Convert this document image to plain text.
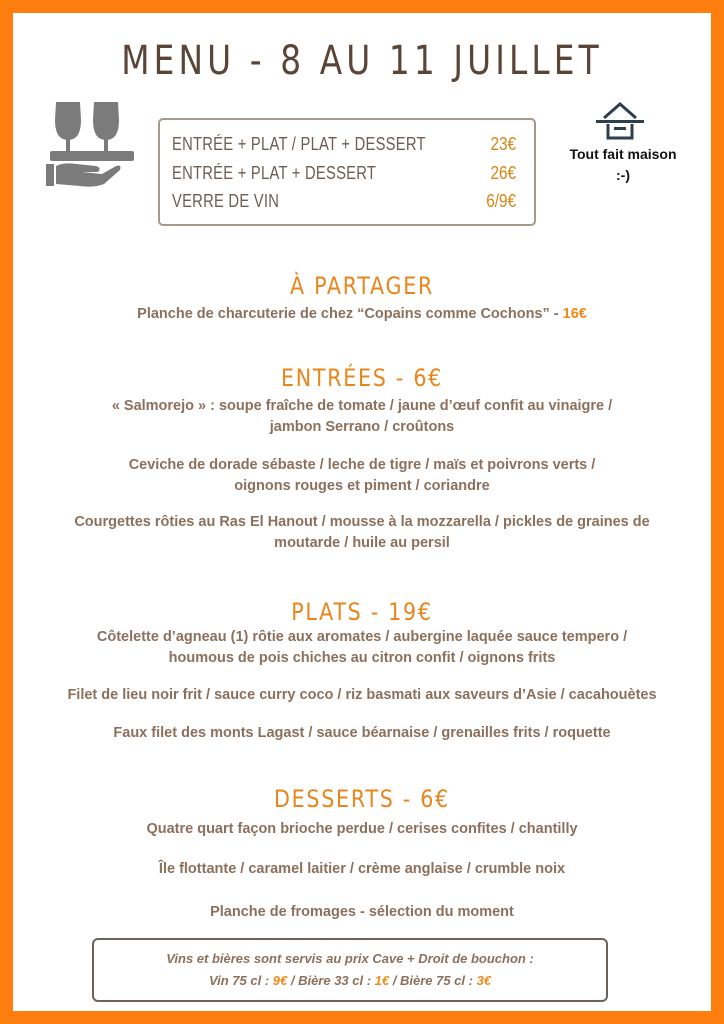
MENU - 8 AU 11 JUILLET
ENTRÉE + PLAT / PLAT + DESSERT	23€
ENTRÉE + PLAT + DESSERT	26€
VERRE DE VIN	6/9€
Tout fait maison
:-)
À PARTAGER
Planche de charcuterie de chez “Copains comme Cochons” - 16€
ENTRÉES - 6€
« Salmorejo » : soupe fraîche de tomate / jaune d’œuf confit au vinaigre /
jambon Serrano / croûtons
Ceviche de dorade sébaste / leche de tigre / maïs et poivrons verts /
oignons rouges et piment / coriandre
Courgettes rôties au Ras El Hanout / mousse à la mozzarella / pickles de graines de
moutarde / huile au persil
PLATS - 19€
Côtelette d’agneau (1) rôtie aux aromates / aubergine laquée sauce tempero /
houmous de pois chiches au citron confit / oignons frits
Filet de lieu noir frit / sauce curry coco / riz basmati aux saveurs d’Asie / cacahouètes
Faux filet des monts Lagast / sauce béarnaise / grenailles frits / roquette
DESSERTS - 6€
Quatre quart façon brioche perdue / cerises confites / chantilly
Île flottante / caramel laitier / crème anglaise / crumble noix
Planche de fromages - sélection du moment
Vins et bières sont servis au prix Cave + Droit de bouchon :
Vin 75 cl : 9€ / Bière 33 cl : 1€ / Bière 75 cl : 3€
